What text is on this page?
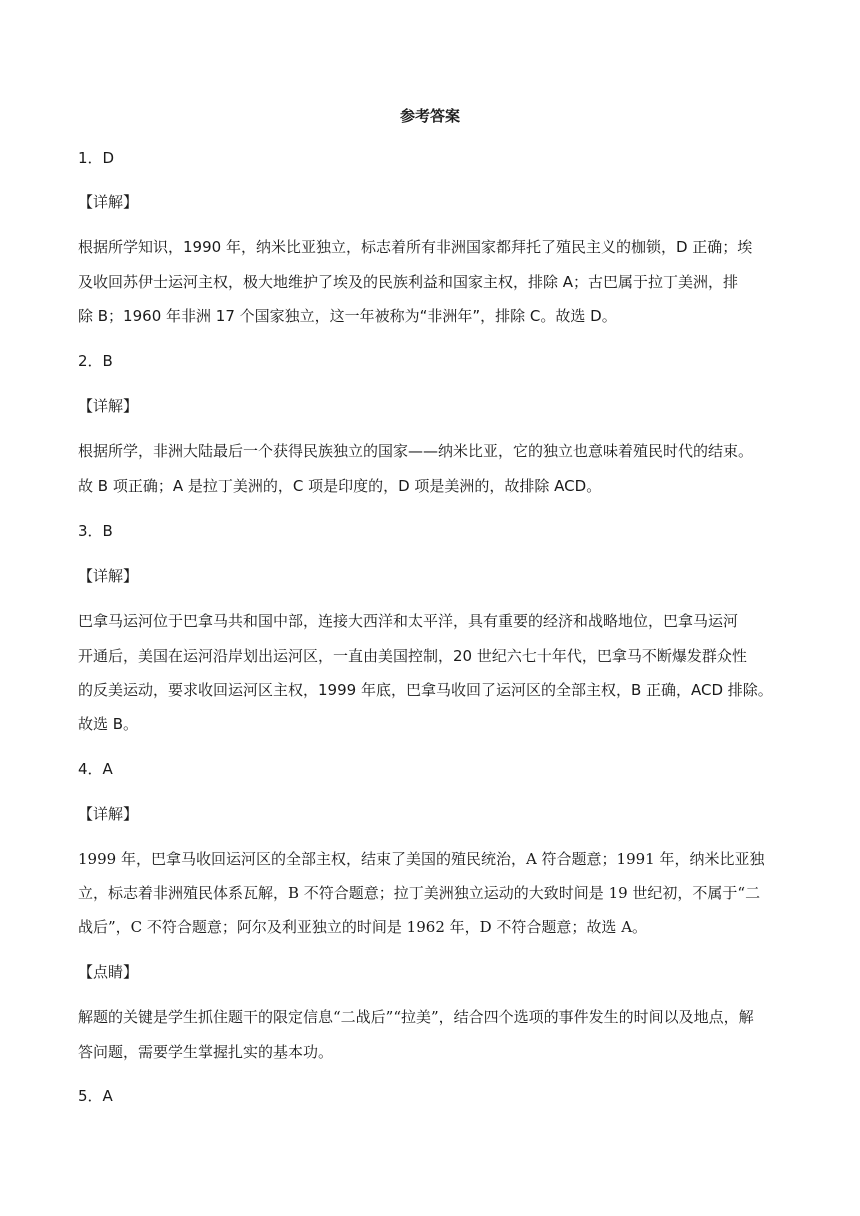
参考答案
1．D
【详解】
根据所学知识，1990 年，纳米比亚独立，标志着所有非洲国家都拜托了殖民主义的枷锁，D 正确；埃
及收回苏伊士运河主权，极大地维护了埃及的民族利益和国家主权，排除 A；古巴属于拉丁美洲，排
除 B；1960 年非洲 17 个国家独立，这一年被称为“非洲年”，排除 C。故选 D。
2．B
【详解】
根据所学，非洲大陆最后一个获得民族独立的国家——纳米比亚，它的独立也意味着殖民时代的结束。
故 B 项正确；A 是拉丁美洲的，C 项是印度的，D 项是美洲的，故排除 ACD。
3．B
【详解】
巴拿马运河位于巴拿马共和国中部，连接大西洋和太平洋，具有重要的经济和战略地位，巴拿马运河
开通后，美国在运河沿岸划出运河区，一直由美国控制，20 世纪六七十年代，巴拿马不断爆发群众性
的反美运动，要求收回运河区主权，1999 年底，巴拿马收回了运河区的全部主权，B 正确，ACD 排除。
故选 B。
4．A
【详解】
1999 年，巴拿马收回运河区的全部主权，结束了美国的殖民统治，A 符合题意；1991 年，纳米比亚独
立，标志着非洲殖民体系瓦解，B 不符合题意；拉丁美洲独立运动的大致时间是 19 世纪初，不属于“二
战后”，C 不符合题意；阿尔及利亚独立的时间是 1962 年，D 不符合题意；故选 A。
【点睛】
解题的关键是学生抓住题干的限定信息“二战后”“拉美”，结合四个选项的事件发生的时间以及地点，解
答问题，需要学生掌握扎实的基本功。
5．A
